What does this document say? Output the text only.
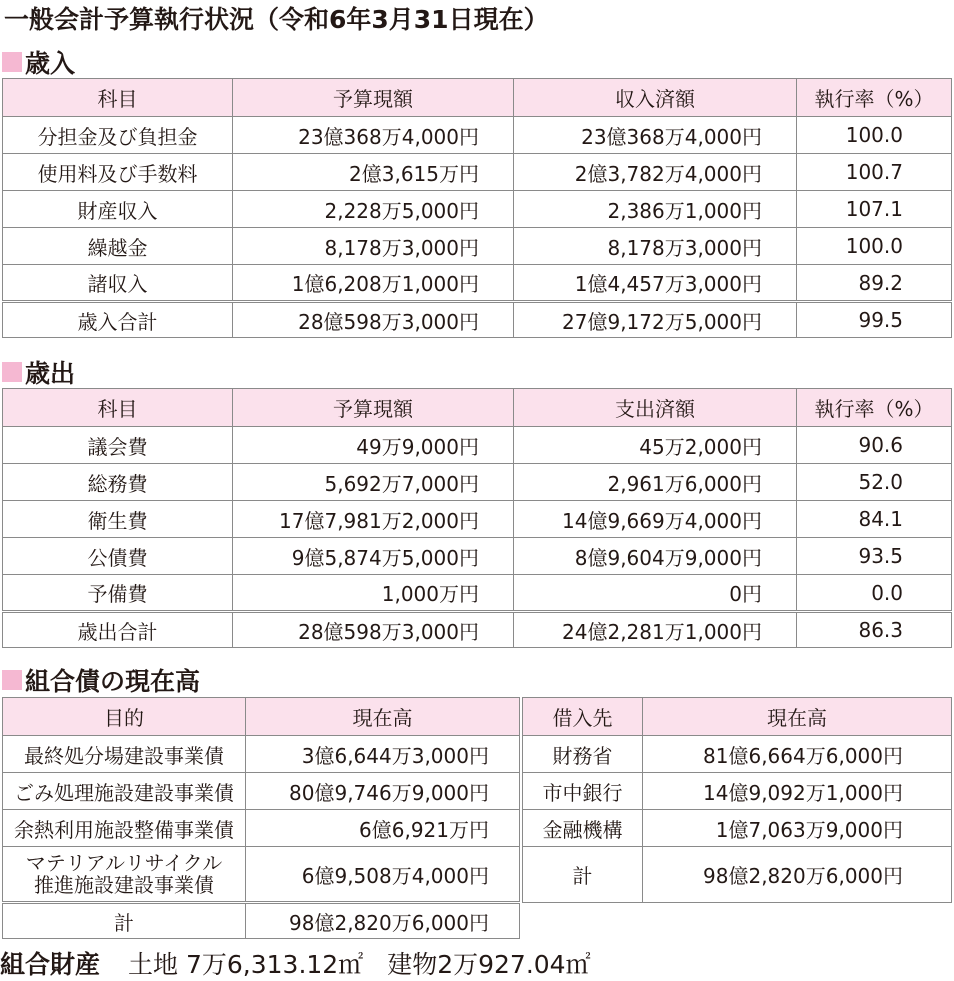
一般会計予算執行状況（令和6年3月31日現在）
歳入
科目	予算現額	収入済額	執行率（%）
分担金及び負担金	23億368万4,000円	23億368万4,000円	100.0
使用料及び手数料	2億3,615万円	2億3,782万4,000円	100.7
財産収入	2,228万5,000円	2,386万1,000円	107.1
繰越金	8,178万3,000円	8,178万3,000円	100.0
諸収入	1億6,208万1,000円	1億4,457万3,000円	89.2
歳入合計	28億598万3,000円	27億9,172万5,000円	99.5
歳出
科目	予算現額	支出済額	執行率（%）
議会費	49万9,000円	45万2,000円	90.6
総務費	5,692万7,000円	2,961万6,000円	52.0
衛生費	17億7,981万2,000円	14億9,669万4,000円	84.1
公債費	9億5,874万5,000円	8億9,604万9,000円	93.5
予備費	1,000万円	0円	0.0
歳出合計	28億598万3,000円	24億2,281万1,000円	86.3
組合債の現在高
目的	現在高
最終処分場建設事業債	3億6,644万3,000円
ごみ処理施設建設事業債	80億9,746万9,000円
余熱利用施設整備事業債	6億6,921万円

マテリアルリサイクル
推進施設建設事業債	6億9,508万4,000円
計	98億2,820万6,000円
借入先	現在高
財務省	81億6,664万6,000円
市中銀行	14億9,092万1,000円
金融機構	1億7,063万9,000円
計	98億2,820万6,000円
組合財産 土地 7万6,313.12㎡ 建物2万927.04㎡
